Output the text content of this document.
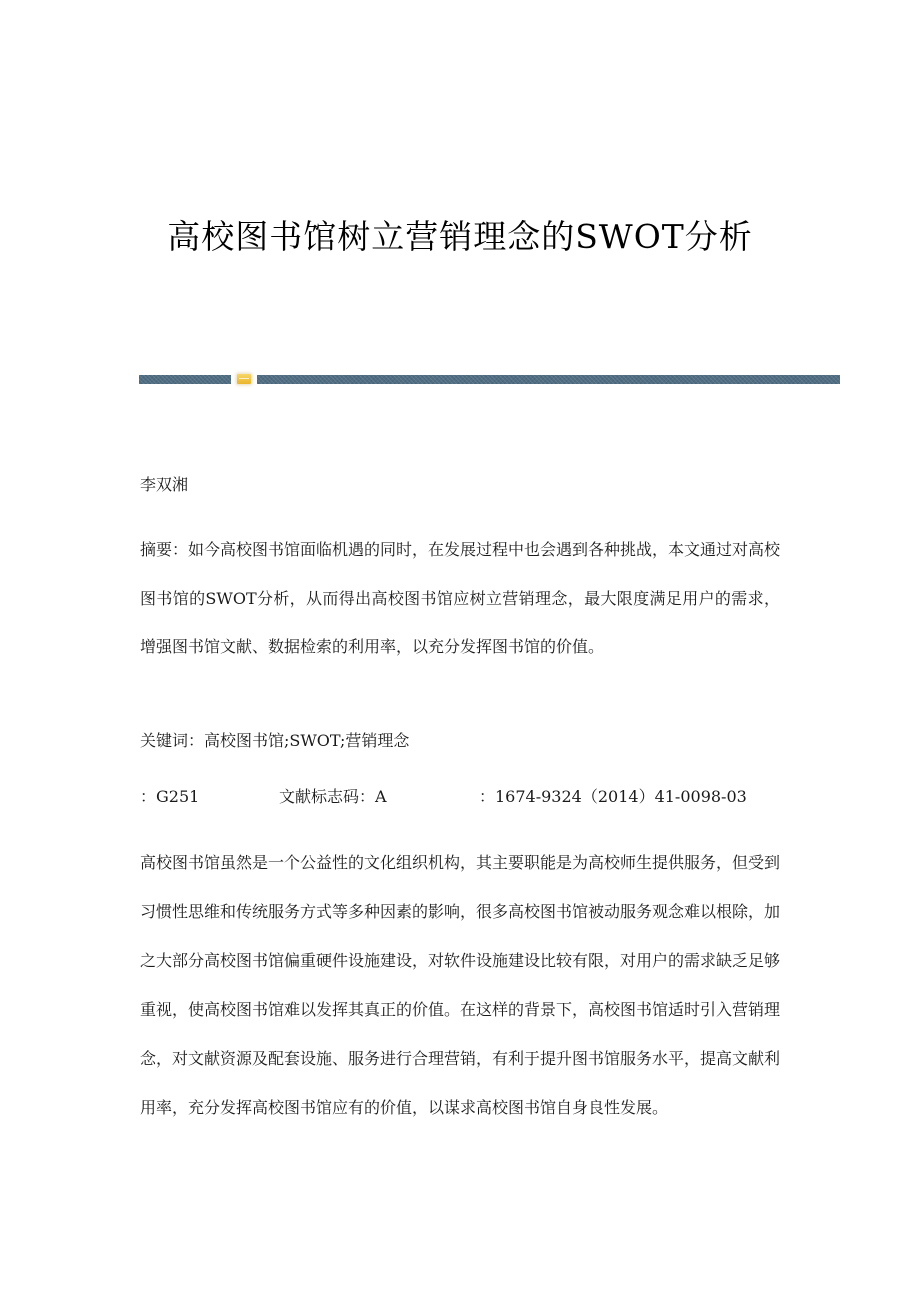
高校图书馆树立营销理念的SWOT分析
李双湘
摘要：如今高校图书馆面临机遇的同时，在发展过程中也会遇到各种挑战，本文通过对高校图书馆的SWOT分析，从而得出高校图书馆应树立营销理念，最大限度满足用户的需求，增强图书馆文献、数据检索的利用率，以充分发挥图书馆的价值。
关键词：高校图书馆;SWOT;营销理念
：G251	文献标志码：A	：1674-9324（2014）41-0098-03
高校图书馆虽然是一个公益性的文化组织机构，其主要职能是为高校师生提供服务，但受到习惯性思维和传统服务方式等多种因素的影响，很多高校图书馆被动服务观念难以根除，加之大部分高校图书馆偏重硬件设施建设，对软件设施建设比较有限，对用户的需求缺乏足够重视，使高校图书馆难以发挥其真正的价值。在这样的背景下，高校图书馆适时引入营销理念，对文献资源及配套设施、服务进行合理营销，有利于提升图书馆服务水平，提高文献利用率，充分发挥高校图书馆应有的价值，以谋求高校图书馆自身良性发展。
